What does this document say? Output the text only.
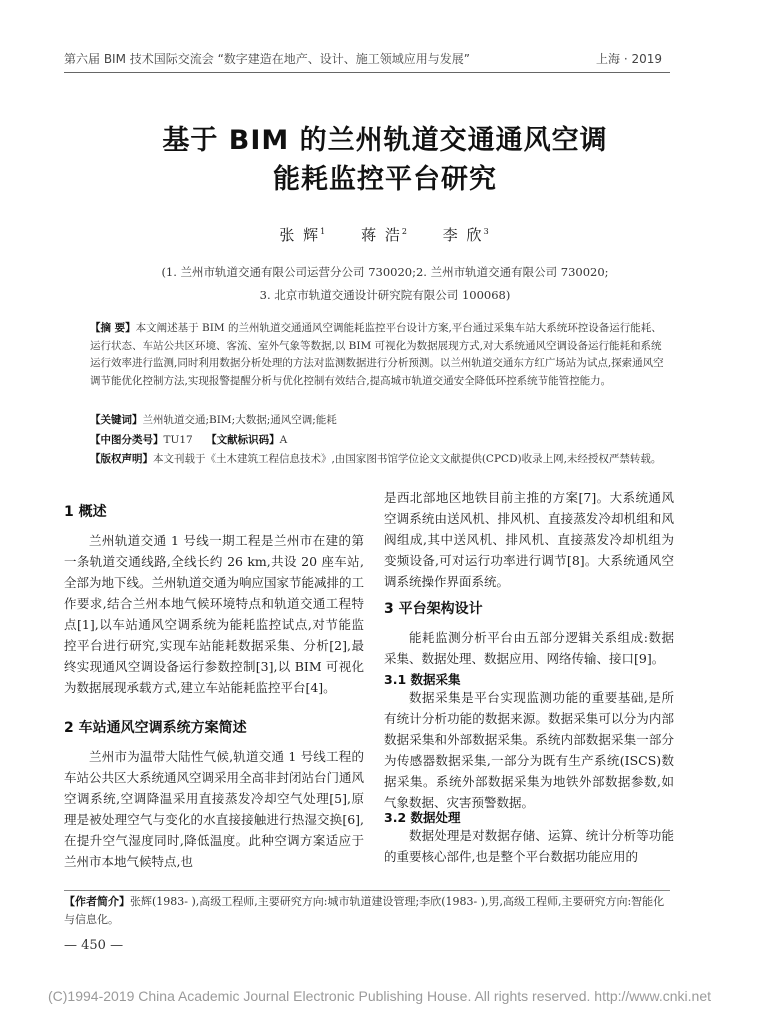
第六届 BIM 技术国际交流会 “数字建造在地产、设计、施工领域应用与发展”	上海 · 2019
基于 BIM 的兰州轨道交通通风空调
能耗监控平台研究
张 辉$^1$ 蒋 浩$^2$ 李 欣$^3$
(1. 兰州市轨道交通有限公司运营分公司 730020;2. 兰州市轨道交通有限公司 730020;
3. 北京市轨道交通设计研究院有限公司 100068)
【摘 要】本文阐述基于 BIM 的兰州轨道交通通风空调能耗监控平台设计方案,平台通过采集车站大系统环控设备运行能耗、运行状态、车站公共区环境、客流、室外气象等数据,以 BIM 可视化为数据展现方式,对大系统通风空调设备运行能耗和系统运行效率进行监测,同时利用数据分析处理的方法对监测数据进行分析预测。以兰州轨道交通东方红广场站为试点,探索通风空调节能优化控制方法,实现报警提醒分析与优化控制有效结合,提高城市轨道交通安全降低环控系统节能管控能力。
【关键词】兰州轨道交通;BIM;大数据;通风空调;能耗
【中图分类号】TU17 【文献标识码】A
【版权声明】本文刊载于《土木建筑工程信息技术》,由国家图书馆学位论文文献提供(CPCD)收录上网,未经授权严禁转载。
1 概述
兰州轨道交通 1 号线一期工程是兰州市在建的第一条轨道交通线路,全线长约 26 km,共设 20 座车站,全部为地下线。兰州轨道交通为响应国家节能减排的工作要求,结合兰州本地气候环境特点和轨道交通工程特点[1],以车站通风空调系统为能耗监控试点,对节能监控平台进行研究,实现车站能耗数据采集、分析[2],最终实现通风空调设备运行参数控制[3],以 BIM 可视化为数据展现承载方式,建立车站能耗监控平台[4]。
2 车站通风空调系统方案简述
兰州市为温带大陆性气候,轨道交通 1 号线工程的车站公共区大系统通风空调采用全高非封闭站台门通风空调系统,空调降温采用直接蒸发冷却空气处理[5],原理是被处理空气与变化的水直接接触进行热湿交换[6],在提升空气湿度同时,降低温度。此种空调方案适应于兰州市本地气候特点,也
是西北部地区地铁目前主推的方案[7]。大系统通风空调系统由送风机、排风机、直接蒸发冷却机组和风阀组成,其中送风机、排风机、直接蒸发冷却机组为变频设备,可对运行功率进行调节[8]。大系统通风空调系统操作界面系统。
3 平台架构设计
能耗监测分析平台由五部分逻辑关系组成:数据采集、数据处理、数据应用、网络传输、接口[9]。
3.1 数据采集
数据采集是平台实现监测功能的重要基础,是所有统计分析功能的数据来源。数据采集可以分为内部数据采集和外部数据采集。系统内部数据采集一部分为传感器数据采集,一部分为既有生产系统(ISCS)数据采集。系统外部数据采集为地铁外部数据参数,如气象数据、灾害预警数据。
3.2 数据处理
数据处理是对数据存储、运算、统计分析等功能的重要核心部件,也是整个平台数据功能应用的
【作者简介】张辉(1983- ),高级工程师,主要研究方向:城市轨道建设管理;李欣(1983- ),男,高级工程师,主要研究方向:智能化与信息化。
— 450 —
(C)1994-2019 China Academic Journal Electronic Publishing House. All rights reserved. http://www.cnki.net
